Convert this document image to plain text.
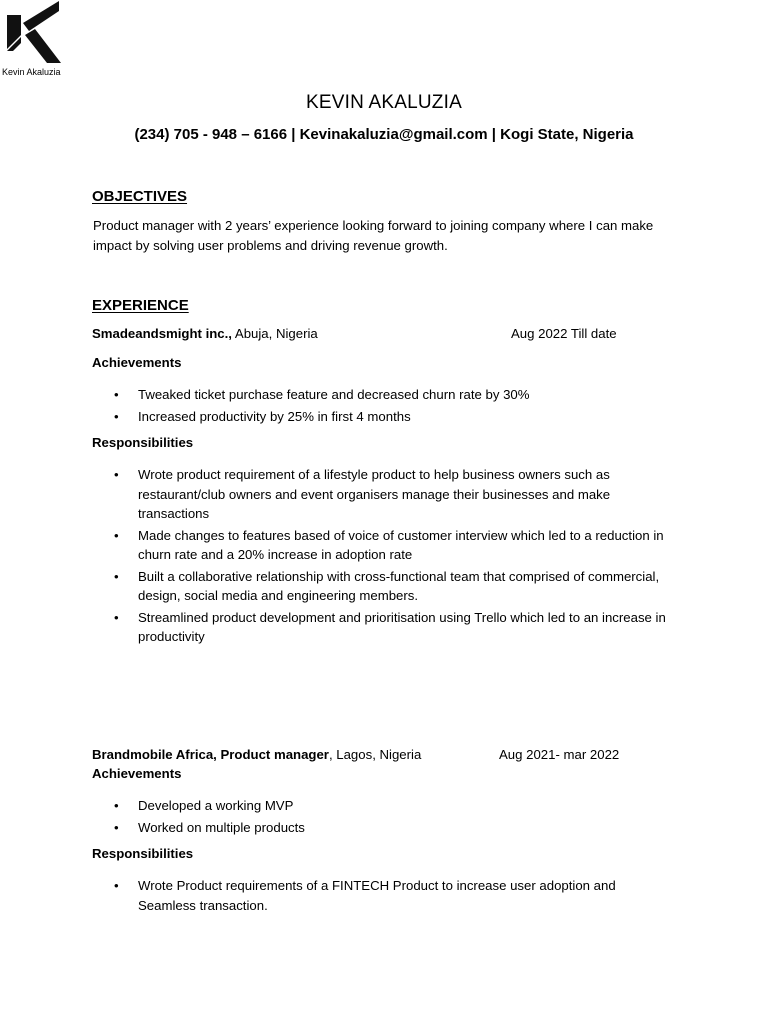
Kevin Akaluzia
KEVIN AKALUZIA
(234) 705 - 948 – 6166 | Kevinakaluzia@gmail.com | Kogi State, Nigeria
OBJECTIVES
Product manager with 2 years’ experience looking forward to joining company where I can make impact by solving user problems and driving revenue growth.
EXPERIENCE
Smadeandsmight inc., Abuja, Nigeria	Aug 2022 Till date
Achievements
• Tweaked ticket purchase feature and decreased churn rate by 30%
• Increased productivity by 25% in first 4 months
Responsibilities
• Wrote product requirement of a lifestyle product to help business owners such as restaurant/club owners and event organisers manage their businesses and make transactions
• Made changes to features based of voice of customer interview which led to a reduction in churn rate and a 20% increase in adoption rate
• Built a collaborative relationship with cross-functional team that comprised of commercial, design, social media and engineering members.
• Streamlined product development and prioritisation using Trello which led to an increase in productivity
Brandmobile Africa, Product manager, Lagos, Nigeria	Aug 2021- mar 2022
Achievements
• Developed a working MVP
• Worked on multiple products
Responsibilities
• Wrote Product requirements of a FINTECH Product to increase user adoption and Seamless transaction.
